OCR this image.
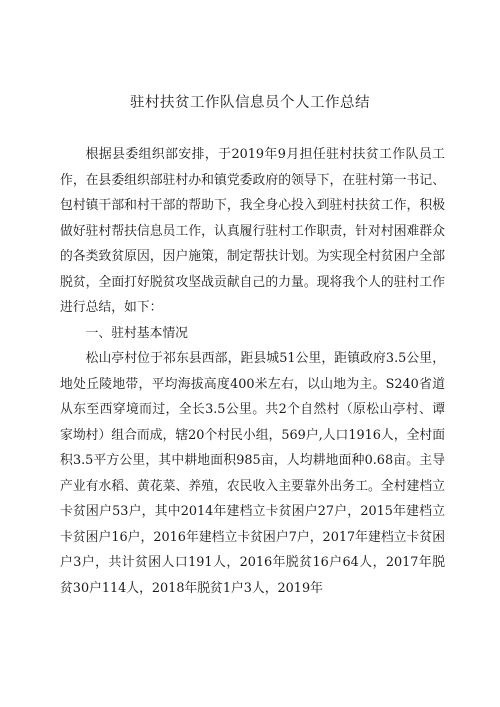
驻村扶贫工作队信息员个人工作总结

根据县委组织部安排，于2019年9月担任驻村扶贫工作队员工作，在县委组织部驻村办和镇党委政府的领导下，在驻村第一书记、包村镇干部和村干部的帮助下，我全身心投入到驻村扶贫工作，积极做好驻村帮扶信息员工作，认真履行驻村工作职责，针对村困难群众的各类致贫原因，因户施策，制定帮扶计划。为实现全村贫困户全部脱贫，全面打好脱贫攻坚战贡献自己的力量。现将我个人的驻村工作进行总结，如下：

一、驻村基本情况

松山亭村位于祁东县西部，距县城51公里，距镇政府3.5公里，地处丘陵地带，平均海拔高度400米左右，以山地为主。S240省道从东至西穿境而过，全长3.5公里。共2个自然村（原松山亭村、谭家坳村）组合而成，辖20个村民小组，569户,人口1916人，全村面积3.5平方公里，其中耕地面积985亩，人均耕地面种0.68亩。主导产业有水稻、黄花菜、养殖，农民收入主要靠外出务工。全村建档立卡贫困户53户，其中2014年建档立卡贫困户27户，2015年建档立卡贫困户16户，2016年建档立卡贫困户7户，2017年建档立卡贫困户3户，共计贫困人口191人，2016年脱贫16户64人，2017年脱贫30户114人，2018年脱贫1户3人，2019年
